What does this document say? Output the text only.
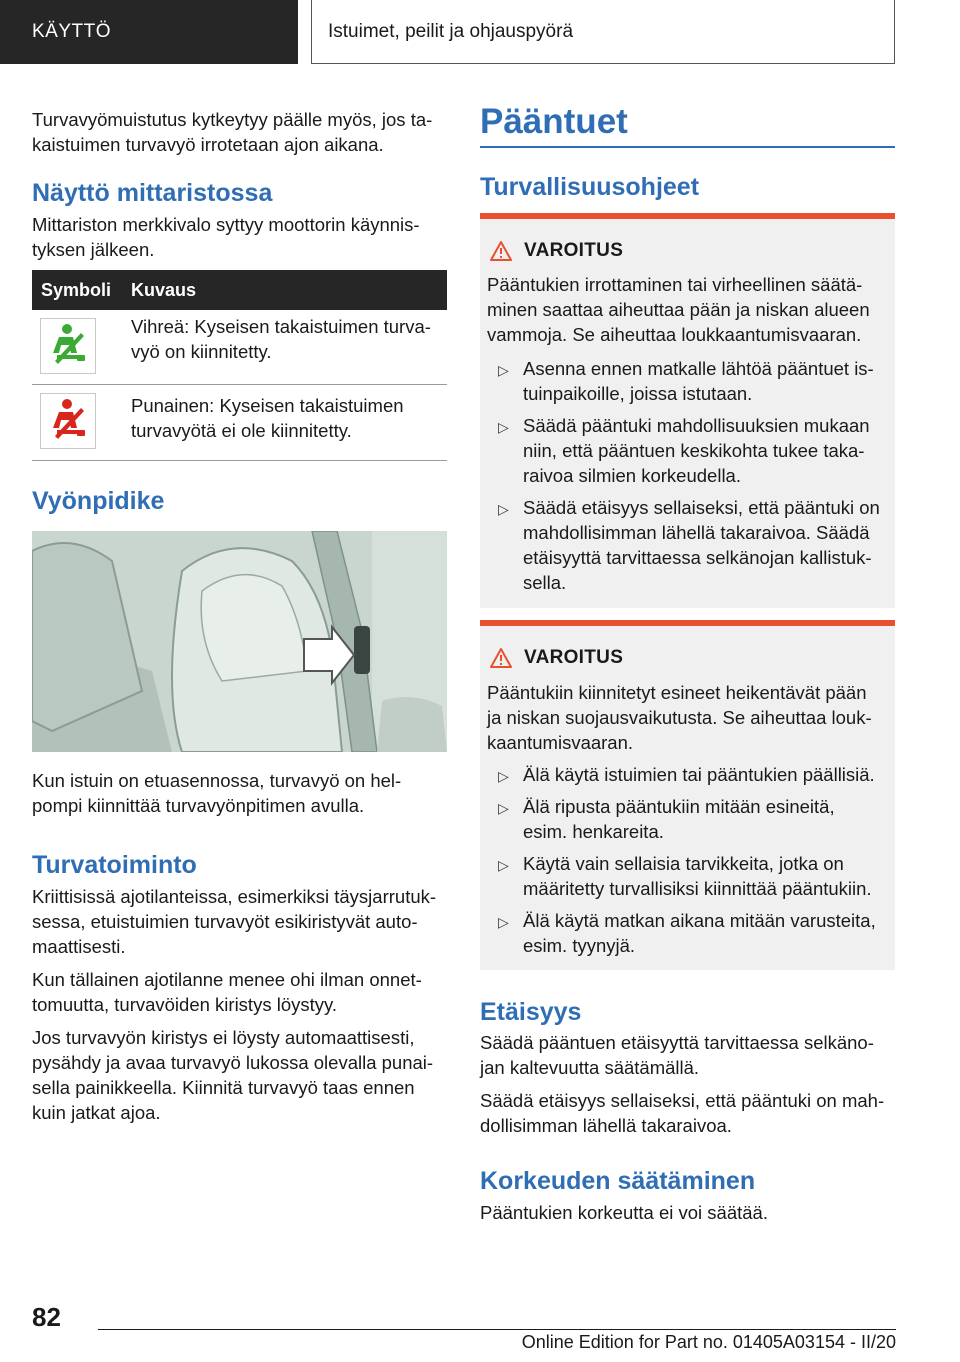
KÄYTTÖ	Istuimet, peilit ja ohjauspyörä

Turvavyömuistutus kytkeytyy päälle myös, jos ta-

kaistuimen turvavyö irrotetaan ajon aikana.

Näyttö mittaristossa

Mittariston merkkivalo syttyy moottorin käynnis-

tyksen jälkeen.

Symboli Kuvaus

Vihreä: Kyseisen takaistuimen turva-

vyö on kiinnitetty.

Punainen: Kyseisen takaistuimen

turvavyötä ei ole kiinnitetty.

Vyönpidike

Kun istuin on etuasennossa, turvavyö on hel-

pompi kiinnittää turvavyönpitimen avulla.

Turvatoiminto

Kriittisissä ajotilanteissa, esimerkiksi täysjarrutuk-

sessa, etuistuimien turvavyöt esikiristyvät auto-

maattisesti.

Kun tällainen ajotilanne menee ohi ilman onnet-

tomuutta, turvavöiden kiristys löystyy.

Jos turvavyön kiristys ei löysty automaattisesti,

pysähdy ja avaa turvavyö lukossa olevalla punai-

sella painikkeella. Kiinnitä turvavyö taas ennen

kuin jatkat ajoa.

Pääntuet
Turvallisuusohjeet
VAROITUS

Pääntukien irrottaminen tai virheellinen säätä-

minen saattaa aiheuttaa pään ja niskan alueen

vammoja. Se aiheuttaa loukkaantumisvaaran.

▷ Asenna ennen matkalle lähtöä pääntuet is-

tuinpaikoille, joissa istutaan.

▷ Säädä pääntuki mahdollisuuksien mukaan

niin, että pääntuen keskikohta tukee taka-

raivoa silmien korkeudella.

▷ Säädä etäisyys sellaiseksi, että pääntuki on

mahdollisimman lähellä takaraivoa. Säädä

etäisyyttä tarvittaessa selkänojan kallistuk-

sella.

VAROITUS

Pääntukiin kiinnitetyt esineet heikentävät pään

ja niskan suojausvaikutusta. Se aiheuttaa louk-

kaantumisvaaran.

▷ Älä käytä istuimien tai pääntukien päällisiä.

▷ Älä ripusta pääntukiin mitään esineitä,

esim. henkareita.

▷ Käytä vain sellaisia tarvikkeita, jotka on

määritetty turvallisiksi kiinnittää pääntukiin.

▷ Älä käytä matkan aikana mitään varusteita,

esim. tyynyjä.

Etäisyys

Säädä pääntuen etäisyyttä tarvittaessa selkäno-

jan kaltevuutta säätämällä.

Säädä etäisyys sellaiseksi, että pääntuki on mah-

dollisimman lähellä takaraivoa.

Korkeuden säätäminen

Pääntukien korkeutta ei voi säätää.

82
Online Edition for Part no. 01405A03154 - II/20
